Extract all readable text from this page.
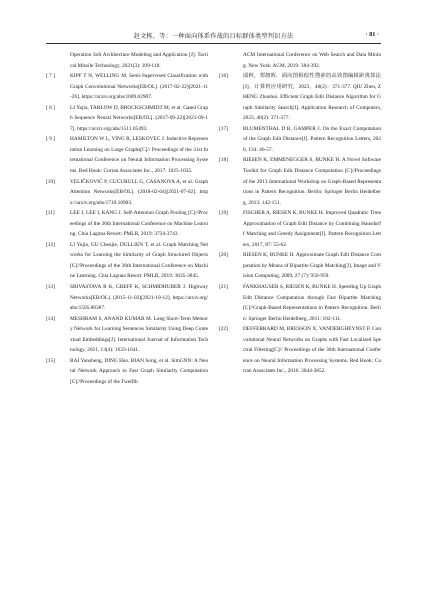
赵文栋，等：一种面向体系作战的目标群体类型判识方法	· 81 ·
Operation SoS Architecture Modeling and Application [J]. Tactical Missile Technology, 2021(3): 109-118.
[ 7 ]	KIPF T N, WELLING M. Semi-Supervised Classification with Graph Convolutional Networks[EB/OL]. (2017-02-22)[2021-11-26]. https://arxiv.org/abs/1609.02907.
[ 8 ]	LI Yujia, TARLOW D, BROCKSCHMIDT M, et al. Gated Graph Sequence Neural Networks[EB/OL]. (2017-09-22)[2021-09-17]. https://arxiv.org/abs/1511.05493.
[ 9 ]	HAMILTON W L, YING R, LESKOVEC J. Inductive Representation Learning on Large Graphs[C]// Proceedings of the 31st International Conference on Neural Information Processing Systems. Red Hook: Curran Associates Inc., 2017: 1025-1035.
[10]	VELIČKOVIĆ P, CUCURULL G, CASANOVA A, et al. Graph Attention Networks[EB/OL]. (2018-02-04)[2021-07-02]. https://arxiv.org/abs/1710.10903.
[11]	LEE J, LEE I, KANG J. Self-Attention Graph Pooling [C]//Proceedings of the 36th International Conference on Machine Learning. Chia Laguna Resort: PMLR, 2019: 3734-3743.
[12]	LI Yujia, GU Chenjie, DULLIEN T, et al. Graph Matching Networks for Learning the Similarity of Graph Structured Objects[C]//Proceedings of the 36th International Conference on Machine Learning. Chia Laguna Resort: PMLR, 2019: 3835-3845.
[13]	SRIVASTAVA R K, GREFF K, SCHMIDHUBER J. Highway Networks[EB/OL]. (2015-11-03)[2021-10-12]. https://arxiv.org/abs/1505.00387.
[14]	MESHRAM S, ANAND KUMAR M. Long Short-Term Memory Network for Learning Sentences Similarity Using Deep Contextual Embeddings[J]. International Journal of Information Technology, 2021, 13(4): 1633-1641.
[15]	BAI Yunsheng, DING Hao, BIAN Song, et al. SimGNN: A Neural Network Approach to Fast Graph Similarity Computation[C]//Proceedings of the Twelfth
ACM International Conference on Web Search and Data Mining. New York: ACM, 2019: 384-392.
[16]	邱秋，郑朝晖．面向图相似性搜索的高效图编辑距离算法[J]．计算机应用研究，2023，40(2)：371-377. QIU Zhen, ZHENG Zhaohui. Efficient Graph Edit Distance Algorithm for Graph Similarity Search[J]. Application Research of Computers, 2023, 40(2): 371-377.
[17]	BLUMENTHAL D B, GAMPER J. On the Exact Computation of the Graph Edit Distance[J]. Pattern Recognition Letters, 2020, 134: 46-57.
[18]	RIESEN K, EMMENEGGER S, BUNKE H. A Novel Software Toolkit for Graph Edit Distance Computation [C]//Proceedings of the 2013 International Workshop on Graph-Based Representations in Pattern Recognition. Berlin: Springer Berlin Heidelberg, 2013: 142-151.
[19]	FISCHER A, RIESEN K, BUNKE H. Improved Quadratic Time Approximation of Graph Edit Distance by Combining Hausdorff Matching and Greedy Assignment[J]. Pattern Recognition Letters, 2017, 87: 55-62.
[20]	RIESEN K, BUNKE H. Approximate Graph Edit Distance Computation by Means of Bipartite Graph Matching[J]. Image and Vision Computing, 2009, 27 (7): 950-959.
[21]	FANKHAUSER S, RIESEN K, BUNKE H. Speeding Up Graph Edit Distance Computation through Fast Bipartite Matching[C]//Graph-Based Representations in Pattern Recognition. Berlin: Springer Berlin Heidelberg, 2011: 102-111.
[22]	DEFFERRARD M, BRESSON X, VANDERGHEYNST P. Convolutional Neural Networks on Graphs with Fast Localized Spectral Filtering[C]// Proceedings of the 30th International Conference on Neural Information Processing Systems. Red Hook: Curran Associates Inc., 2016: 3844-3852.
